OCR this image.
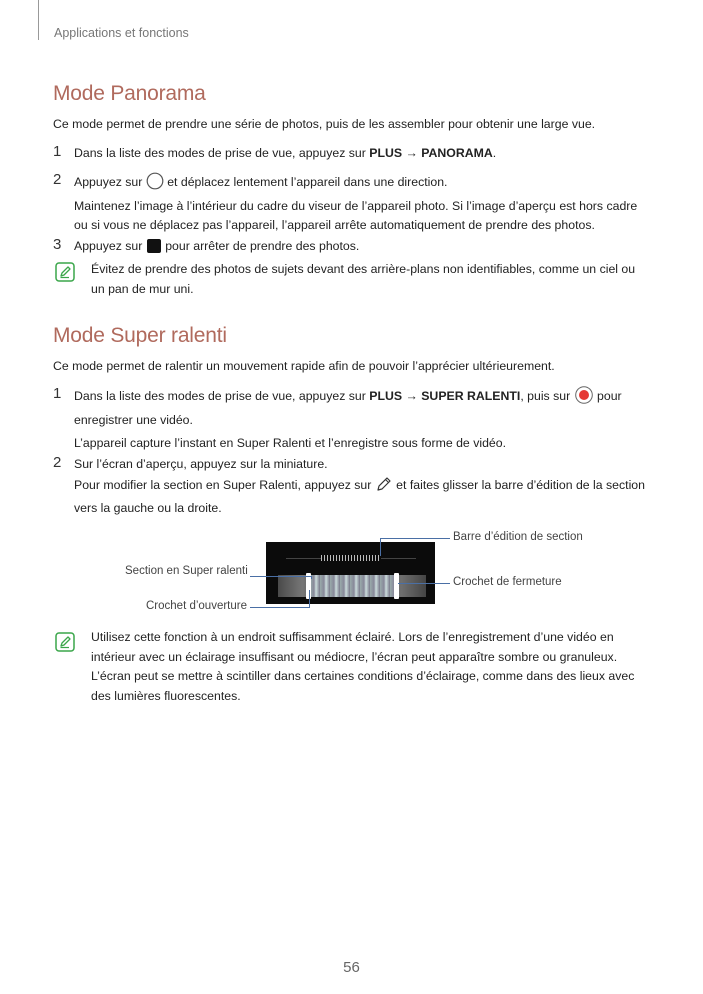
Applications et fonctions
Mode Panorama
Ce mode permet de prendre une série de photos, puis de les assembler pour obtenir une large vue.
1 Dans la liste des modes de prise de vue, appuyez sur PLUS → PANORAMA.
2 Appuyez sur  et déplacez lentement l’appareil dans une direction.
Maintenez l’image à l’intérieur du cadre du viseur de l’appareil photo. Si l’image d’aperçu est hors cadre
ou si vous ne déplacez pas l’appareil, l’appareil arrête automatiquement de prendre des photos.
3 Appuyez sur  pour arrêter de prendre des photos.
Évitez de prendre des photos de sujets devant des arrière-plans non identifiables, comme un ciel ou un pan de mur uni.
Mode Super ralenti
Ce mode permet de ralentir un mouvement rapide afin de pouvoir l’apprécier ultérieurement.
1 Dans la liste des modes de prise de vue, appuyez sur PLUS → SUPER RALENTI, puis sur  pour
enregistrer une vidéo.
L’appareil capture l’instant en Super Ralenti et l’enregistre sous forme de vidéo.
2 Sur l’écran d’aperçu, appuyez sur la miniature.
Pour modifier la section en Super Ralenti, appuyez sur  et faites glisser la barre d’édition de la section
vers la gauche ou la droite.
Barre d’édition de section
Section en Super ralenti
Crochet de fermeture
Crochet d’ouverture
Utilisez cette fonction à un endroit suffisamment éclairé. Lors de l’enregistrement d’une vidéo en intérieur avec un éclairage insuffisant ou médiocre, l’écran peut apparaître sombre ou granuleux. L’écran peut se mettre à scintiller dans certaines conditions d’éclairage, comme dans des lieux avec des lumières fluorescentes.
56
